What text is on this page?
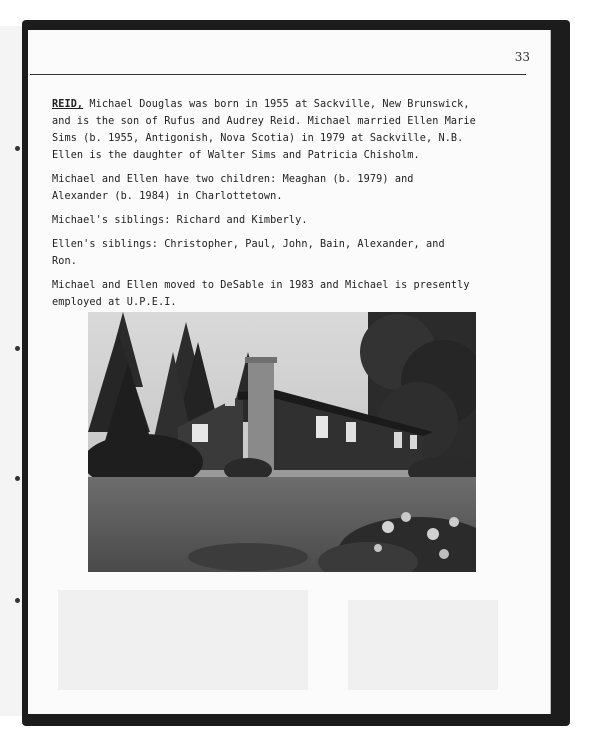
33

REID, Michael Douglas was born in 1955 at Sackville, New Brunswick,
and is the son of Rufus and Audrey Reid. Michael married Ellen Marie
Sims (b. 1955, Antigonish, Nova Scotia) in 1979 at Sackville, N.B.
Ellen is the daughter of Walter Sims and Patricia Chisholm.

Michael and Ellen have two children: Meaghan (b. 1979) and
Alexander (b. 1984) in Charlottetown.

Michael's siblings: Richard and Kimberly.

Ellen's siblings: Christopher, Paul, John, Bain, Alexander, and
Ron.

Michael and Ellen moved to DeSable in 1983 and Michael is presently
employed at U.P.E.I.
